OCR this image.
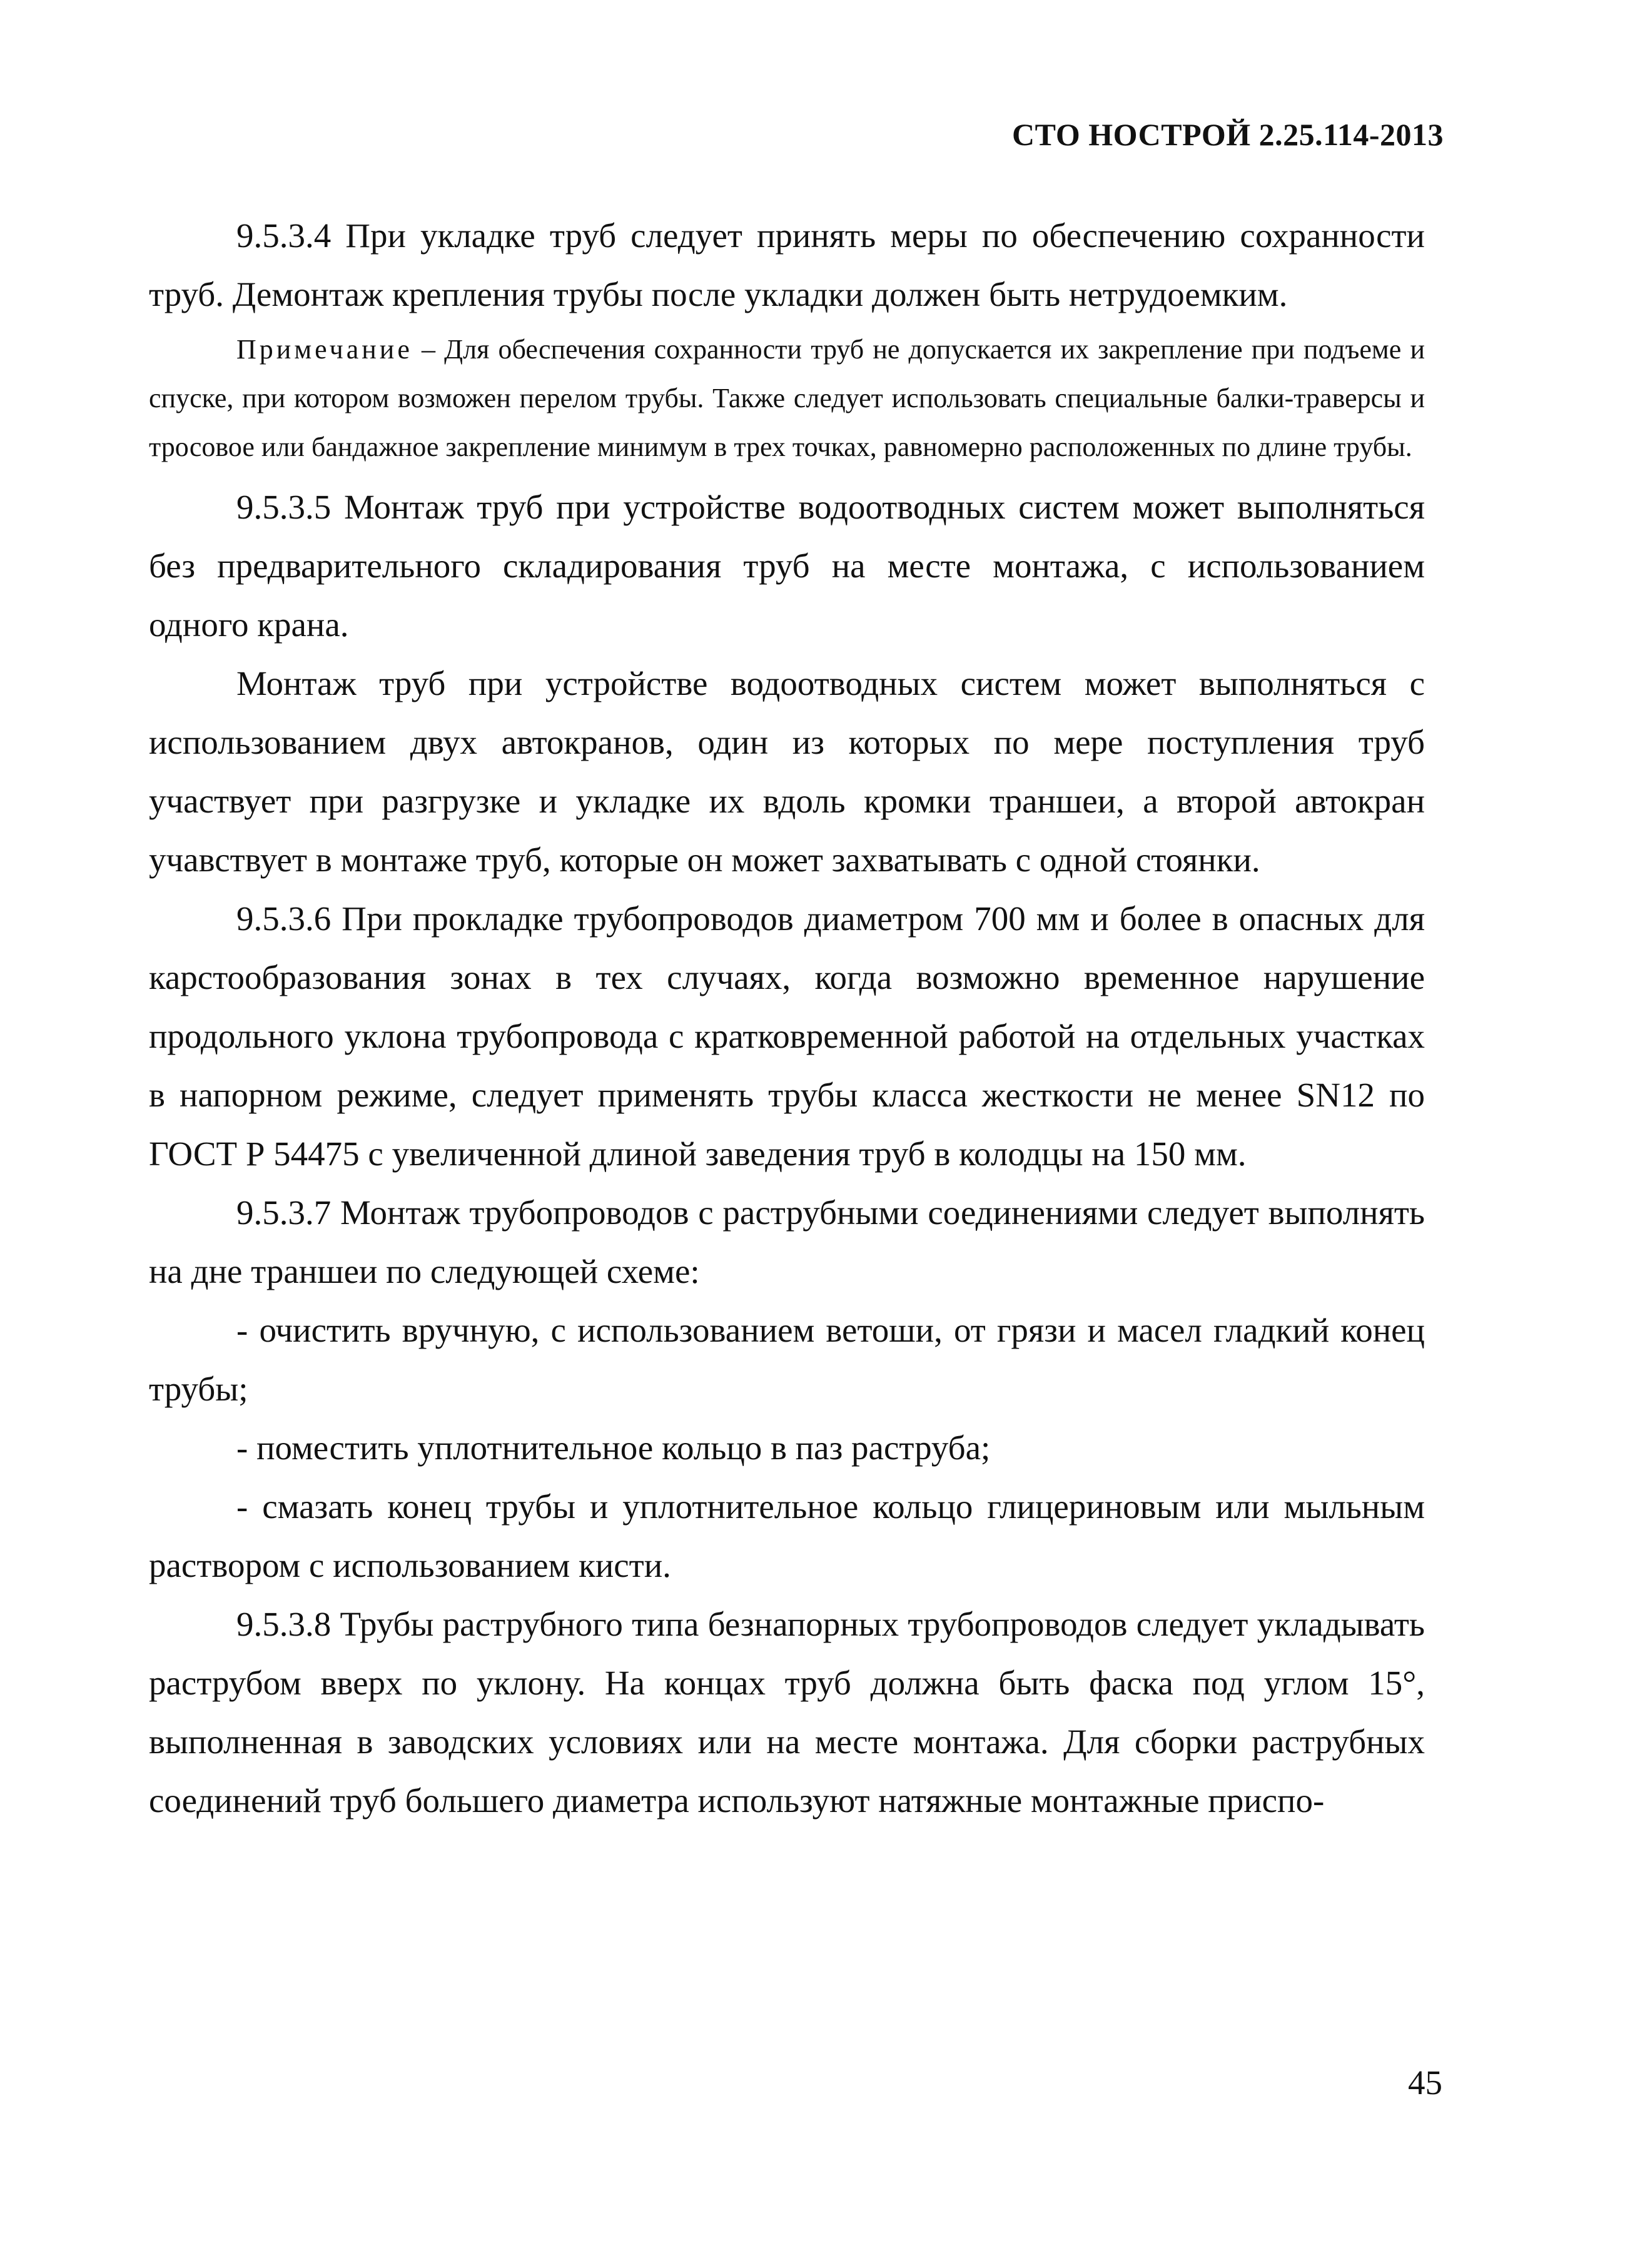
СТО НОСТРОЙ 2.25.114-2013

9.5.3.4 При укладке труб следует принять меры по обеспечению сохранности труб. Демонтаж крепления трубы после укладки должен быть нетрудоемким.

Примечание – Для обеспечения сохранности труб не допускается их закрепление при подъеме и спуске, при котором возможен перелом трубы. Также следует использовать специальные балки-траверсы и тросовое или бандажное закрепление минимум в трех точках, равномерно расположенных по длине трубы.

9.5.3.5 Монтаж труб при устройстве водоотводных систем может выполняться без предварительного складирования труб на месте монтажа, с использованием одного крана.

Монтаж труб при устройстве водоотводных систем может выполняться с использованием двух автокранов, один из которых по мере поступления труб участвует при разгрузке и укладке их вдоль кромки траншеи, а второй автокран учавствует в монтаже труб, которые он может захватывать с одной стоянки.

9.5.3.6 При прокладке трубопроводов диаметром 700 мм и более в опасных для карстообразования зонах в тех случаях, когда возможно временное нарушение продольного уклона трубопровода с кратковременной работой на отдельных участках в напорном режиме, следует применять трубы класса жесткости не менее SN12 по ГОСТ Р 54475 с увеличенной длиной заведения труб в колодцы на 150 мм.

9.5.3.7 Монтаж трубопроводов с раструбными соединениями следует выполнять на дне траншеи по следующей схеме:

- очистить вручную, с использованием ветоши, от грязи и масел гладкий конец трубы;

- поместить уплотнительное кольцо в паз раструба;

- смазать конец трубы и уплотнительное кольцо глицериновым или мыльным раствором с использованием кисти.

9.5.3.8 Трубы раструбного типа безнапорных трубопроводов следует укладывать раструбом вверх по уклону. На концах труб должна быть фаска под углом 15°, выполненная в заводских условиях или на месте монтажа. Для сборки раструбных соединений труб большего диаметра используют натяжные монтажные приспо-

45
